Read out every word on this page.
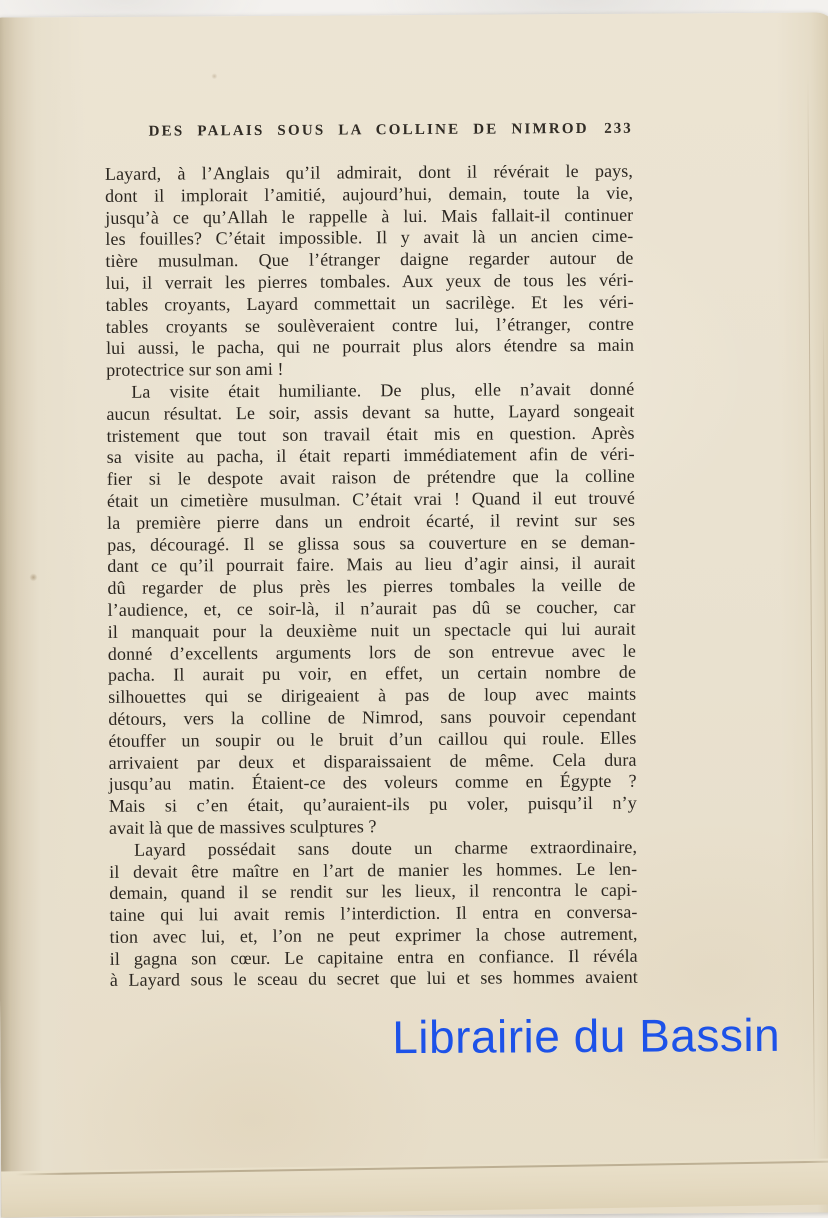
DES PALAIS SOUS LA COLLINE DE NIMROD 233
Layard, à l’Anglais qu’il admirait, dont il révérait le pays,
dont il implorait l’amitié, aujourd’hui, demain, toute la vie,
jusqu’à ce qu’Allah le rappelle à lui. Mais fallait-il continuer
les fouilles? C’était impossible. Il y avait là un ancien cime-
tière musulman. Que l’étranger daigne regarder autour de
lui, il verrait les pierres tombales. Aux yeux de tous les véri-
tables croyants, Layard commettait un sacrilège. Et les véri-
tables croyants se soulèveraient contre lui, l’étranger, contre
lui aussi, le pacha, qui ne pourrait plus alors étendre sa main
protectrice sur son ami !
La visite était humiliante. De plus, elle n’avait donné
aucun résultat. Le soir, assis devant sa hutte, Layard songeait
tristement que tout son travail était mis en question. Après
sa visite au pacha, il était reparti immédiatement afin de véri-
fier si le despote avait raison de prétendre que la colline
était un cimetière musulman. C’était vrai ! Quand il eut trouvé
la première pierre dans un endroit écarté, il revint sur ses
pas, découragé. Il se glissa sous sa couverture en se deman-
dant ce qu’il pourrait faire. Mais au lieu d’agir ainsi, il aurait
dû regarder de plus près les pierres tombales la veille de
l’audience, et, ce soir-là, il n’aurait pas dû se coucher, car
il manquait pour la deuxième nuit un spectacle qui lui aurait
donné d’excellents arguments lors de son entrevue avec le
pacha. Il aurait pu voir, en effet, un certain nombre de
silhouettes qui se dirigeaient à pas de loup avec maints
détours, vers la colline de Nimrod, sans pouvoir cependant
étouffer un soupir ou le bruit d’un caillou qui roule. Elles
arrivaient par deux et disparaissaient de même. Cela dura
jusqu’au matin. Étaient-ce des voleurs comme en Égypte ?
Mais si c’en était, qu’auraient-ils pu voler, puisqu’il n’y
avait là que de massives sculptures ?
Layard possédait sans doute un charme extraordinaire,
il devait être maître en l’art de manier les hommes. Le len-
demain, quand il se rendit sur les lieux, il rencontra le capi-
taine qui lui avait remis l’interdiction. Il entra en conversa-
tion avec lui, et, l’on ne peut exprimer la chose autrement,
il gagna son cœur. Le capitaine entra en confiance. Il révéla
à Layard sous le sceau du secret que lui et ses hommes avaient
Librairie du Bassin
